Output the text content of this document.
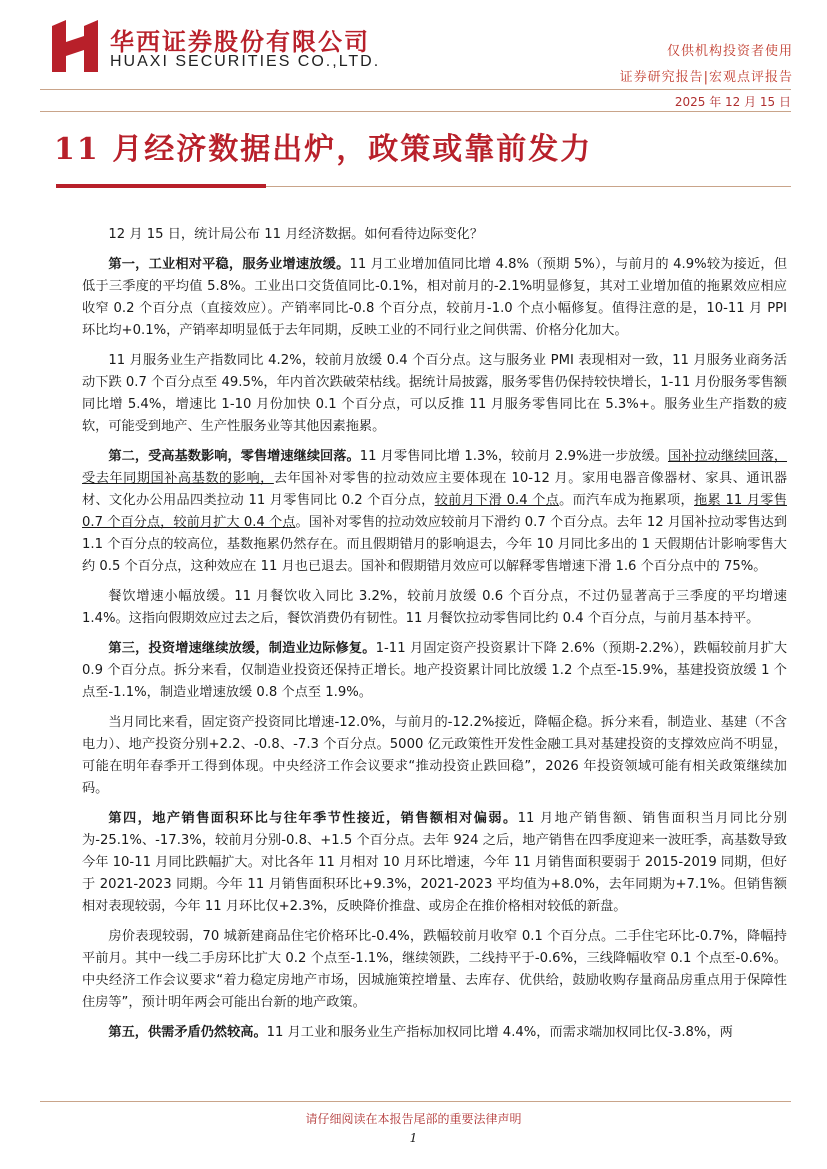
华西证券股份有限公司
HUAXI SECURITIES CO.,LTD.
仅供机构投资者使用
证券研究报告|宏观点评报告
2025 年 12 月 15 日
11 月经济数据出炉，政策或靠前发力

12 月 15 日，统计局公布 11 月经济数据。如何看待边际变化？

第一，工业相对平稳，服务业增速放缓。11 月工业增加值同比增 4.8%（预期 5%），与前月的 4.9%较为接近，但低于三季度的平均值 5.8%。工业出口交货值同比-0.1%，相对前月的-2.1%明显修复，其对工业增加值的拖累效应相应收窄 0.2 个百分点（直接效应）。产销率同比-0.8 个百分点，较前月-1.0 个点小幅修复。值得注意的是，10-11 月 PPI 环比均+0.1%，产销率却明显低于去年同期，反映工业的不同行业之间供需、价格分化加大。

11 月服务业生产指数同比 4.2%，较前月放缓 0.4 个百分点。这与服务业 PMI 表现相对一致，11 月服务业商务活动下跌 0.7 个百分点至 49.5%，年内首次跌破荣枯线。据统计局披露，服务零售仍保持较快增长，1-11 月份服务零售额同比增 5.4%，增速比 1-10 月份加快 0.1 个百分点，可以反推 11 月服务零售同比在 5.3%+。服务业生产指数的疲软，可能受到地产、生产性服务业等其他因素拖累。

第二，受高基数影响，零售增速继续回落。11 月零售同比增 1.3%，较前月 2.9%进一步放缓。国补拉动继续回落，受去年同期国补高基数的影响，去年国补对零售的拉动效应主要体现在 10-12 月。家用电器音像器材、家具、通讯器材、文化办公用品四类拉动 11 月零售同比 0.2 个百分点，较前月下滑 0.4 个点。而汽车成为拖累项，拖累 11 月零售 0.7 个百分点，较前月扩大 0.4 个点。国补对零售的拉动效应较前月下滑约 0.7 个百分点。去年 12 月国补拉动零售达到 1.1 个百分点的较高位，基数拖累仍然存在。而且假期错月的影响退去，今年 10 月同比多出的 1 天假期估计影响零售大约 0.5 个百分点，这种效应在 11 月也已退去。国补和假期错月效应可以解释零售增速下滑 1.6 个百分点中的 75%。

餐饮增速小幅放缓。11 月餐饮收入同比 3.2%，较前月放缓 0.6 个百分点，不过仍显著高于三季度的平均增速 1.4%。这指向假期效应过去之后，餐饮消费仍有韧性。11 月餐饮拉动零售同比约 0.4 个百分点，与前月基本持平。

第三，投资增速继续放缓，制造业边际修复。1-11 月固定资产投资累计下降 2.6%（预期-2.2%），跌幅较前月扩大 0.9 个百分点。拆分来看，仅制造业投资还保持正增长。地产投资累计同比放缓 1.2 个点至-15.9%，基建投资放缓 1 个点至-1.1%，制造业增速放缓 0.8 个点至 1.9%。

当月同比来看，固定资产投资同比增速-12.0%，与前月的-12.2%接近，降幅企稳。拆分来看，制造业、基建（不含电力）、地产投资分别+2.2、-0.8、-7.3 个百分点。5000 亿元政策性开发性金融工具对基建投资的支撑效应尚不明显，可能在明年春季开工得到体现。中央经济工作会议要求“推动投资止跌回稳”，2026 年投资领域可能有相关政策继续加码。

第四，地产销售面积环比与往年季节性接近，销售额相对偏弱。11 月地产销售额、销售面积当月同比分别为-25.1%、-17.3%，较前月分别-0.8、+1.5 个百分点。去年 924 之后，地产销售在四季度迎来一波旺季，高基数导致今年 10-11 月同比跌幅扩大。对比各年 11 月相对 10 月环比增速，今年 11 月销售面积要弱于 2015-2019 同期，但好于 2021-2023 同期。今年 11 月销售面积环比+9.3%，2021-2023 平均值为+8.0%，去年同期为+7.1%。但销售额相对表现较弱，今年 11 月环比仅+2.3%，反映降价推盘、或房企在推价格相对较低的新盘。

房价表现较弱，70 城新建商品住宅价格环比-0.4%，跌幅较前月收窄 0.1 个百分点。二手住宅环比-0.7%，降幅持平前月。其中一线二手房环比扩大 0.2 个点至-1.1%，继续领跌，二线持平于-0.6%，三线降幅收窄 0.1 个点至-0.6%。中央经济工作会议要求“着力稳定房地产市场，因城施策控增量、去库存、优供给，鼓励收购存量商品房重点用于保障性住房等”，预计明年两会可能出台新的地产政策。

第五，供需矛盾仍然较高。11 月工业和服务业生产指标加权同比增 4.4%，而需求端加权同比仅-3.8%，两

请仔细阅读在本报告尾部的重要法律声明
1
